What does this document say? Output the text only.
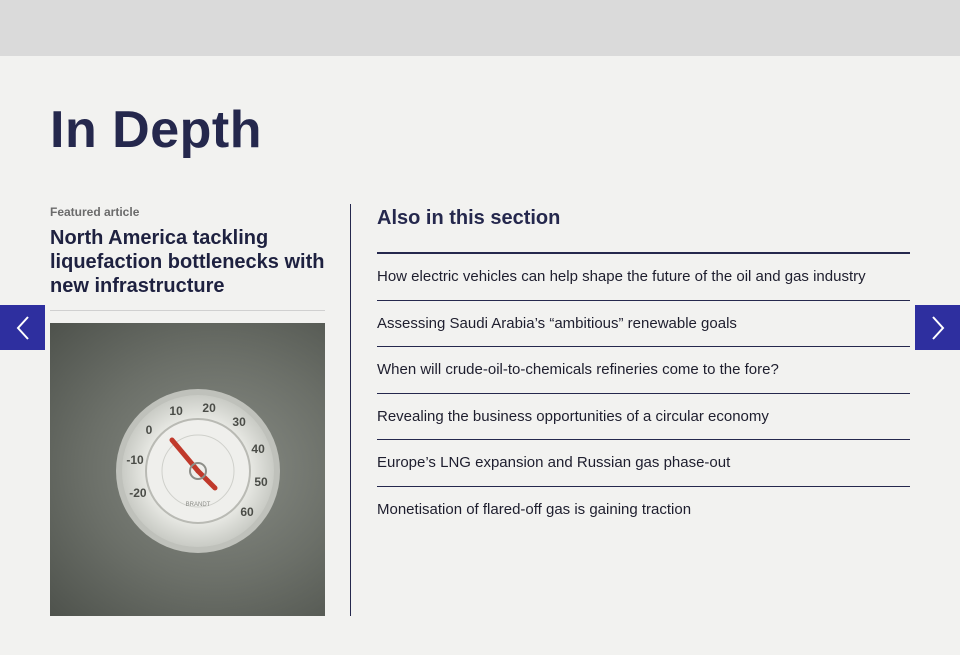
In Depth

Featured article

North America tackling liquefaction bottlenecks with new infrastructure
-20
-10
0
10 20
30
40
50
60
BRANDT
Also in this section
How electric vehicles can help shape the future of the oil and gas industry
Assessing Saudi Arabia’s “ambitious” renewable goals
When will crude-oil-to-chemicals refineries come to the fore?
Revealing the business opportunities of a circular economy
Europe’s LNG expansion and Russian gas phase-out
Monetisation of flared-off gas is gaining traction
